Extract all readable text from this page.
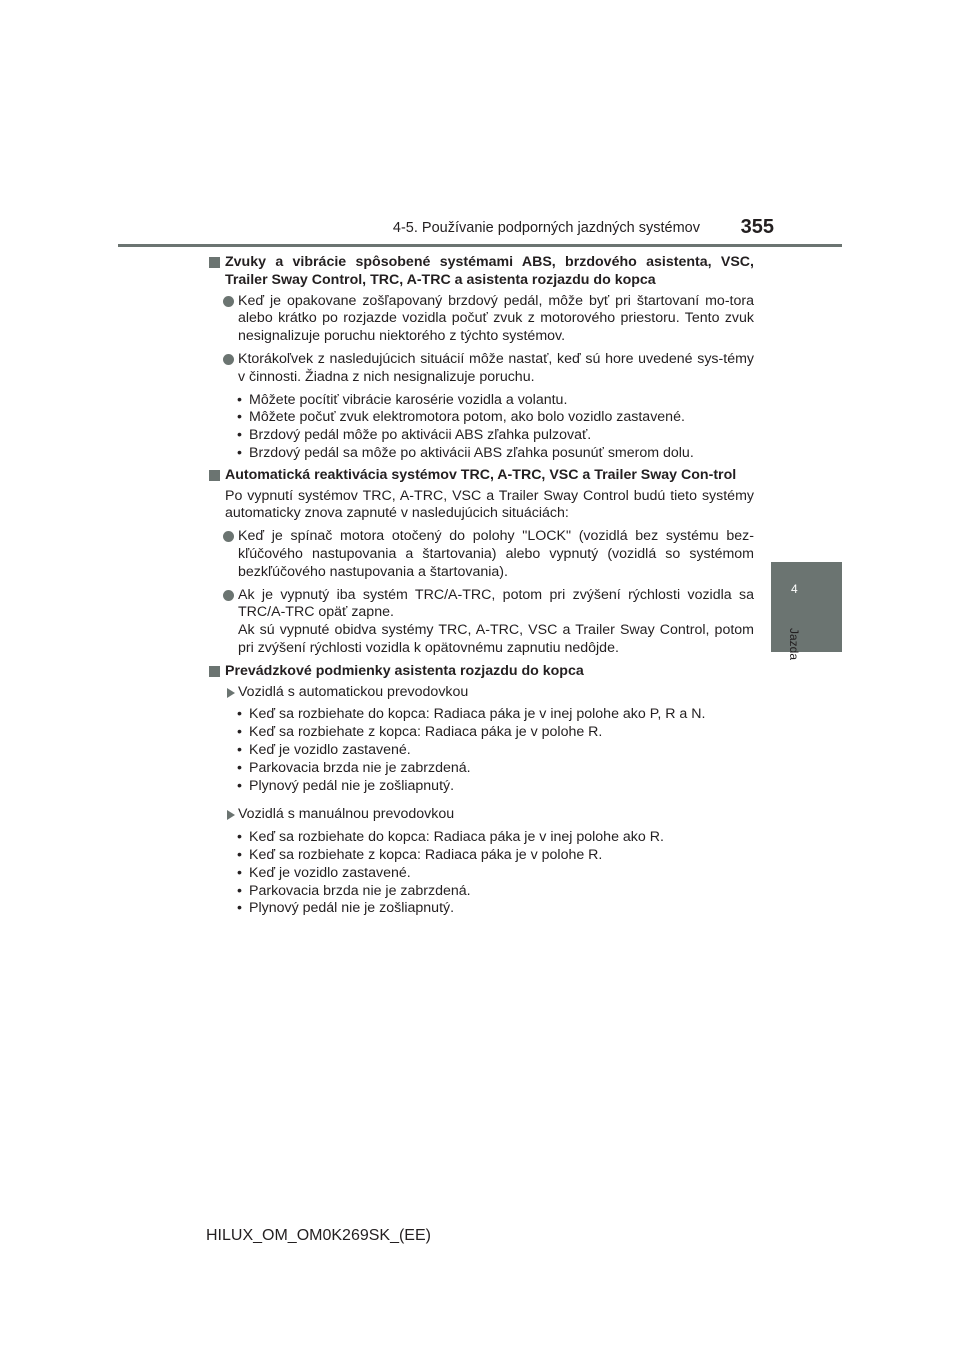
4-5. Používanie podporných jazdných systémov 355
4
Jazda
Zvuky a vibrácie spôsobené systémami ABS, brzdového asistenta, VSC, Trailer Sway Control, TRC, A-TRC a asistenta rozjazdu do kopca
Keď je opakovane zošľapovaný brzdový pedál, môže byť pri štartovaní mo-tora alebo krátko po rozjazde vozidla počuť zvuk z motorového priestoru. Tento zvuk nesignalizuje poruchu niektorého z týchto systémov.
Ktorákoľvek z nasledujúcich situácií môže nastať, keď sú hore uvedené sys-témy v činnosti. Žiadna z nich nesignalizuje poruchu.
• Môžete pocítiť vibrácie karosérie vozidla a volantu.
• Môžete počuť zvuk elektromotora potom, ako bolo vozidlo zastavené.
• Brzdový pedál môže po aktivácii ABS zľahka pulzovať.
• Brzdový pedál sa môže po aktivácii ABS zľahka posunúť smerom dolu.
Automatická reaktivácia systémov TRC, A-TRC, VSC a Trailer Sway Con-trol
Po vypnutí systémov TRC, A-TRC, VSC a Trailer Sway Control budú tieto systémy automaticky znova zapnuté v nasledujúcich situáciách:
Keď je spínač motora otočený do polohy "LOCK" (vozidlá bez systému bez-kľúčového nastupovania a štartovania) alebo vypnutý (vozidlá so systémom bezkľúčového nastupovania a štartovania).
Ak je vypnutý iba systém TRC/A-TRC, potom pri zvýšení rýchlosti vozidla sa TRC/A-TRC opäť zapne.
Ak sú vypnuté obidva systémy TRC, A-TRC, VSC a Trailer Sway Control, potom pri zvýšení rýchlosti vozidla k opätovnému zapnutiu nedôjde.
Prevádzkové podmienky asistenta rozjazdu do kopca
Vozidlá s automatickou prevodovkou
• Keď sa rozbiehate do kopca: Radiaca páka je v inej polohe ako P, R a N.
• Keď sa rozbiehate z kopca: Radiaca páka je v polohe R.
• Keď je vozidlo zastavené.
• Parkovacia brzda nie je zabrzdená.
• Plynový pedál nie je zošliapnutý.
Vozidlá s manuálnou prevodovkou
• Keď sa rozbiehate do kopca: Radiaca páka je v inej polohe ako R.
• Keď sa rozbiehate z kopca: Radiaca páka je v polohe R.
• Keď je vozidlo zastavené.
• Parkovacia brzda nie je zabrzdená.
• Plynový pedál nie je zošliapnutý.
HILUX_OM_OM0K269SK_(EE)
